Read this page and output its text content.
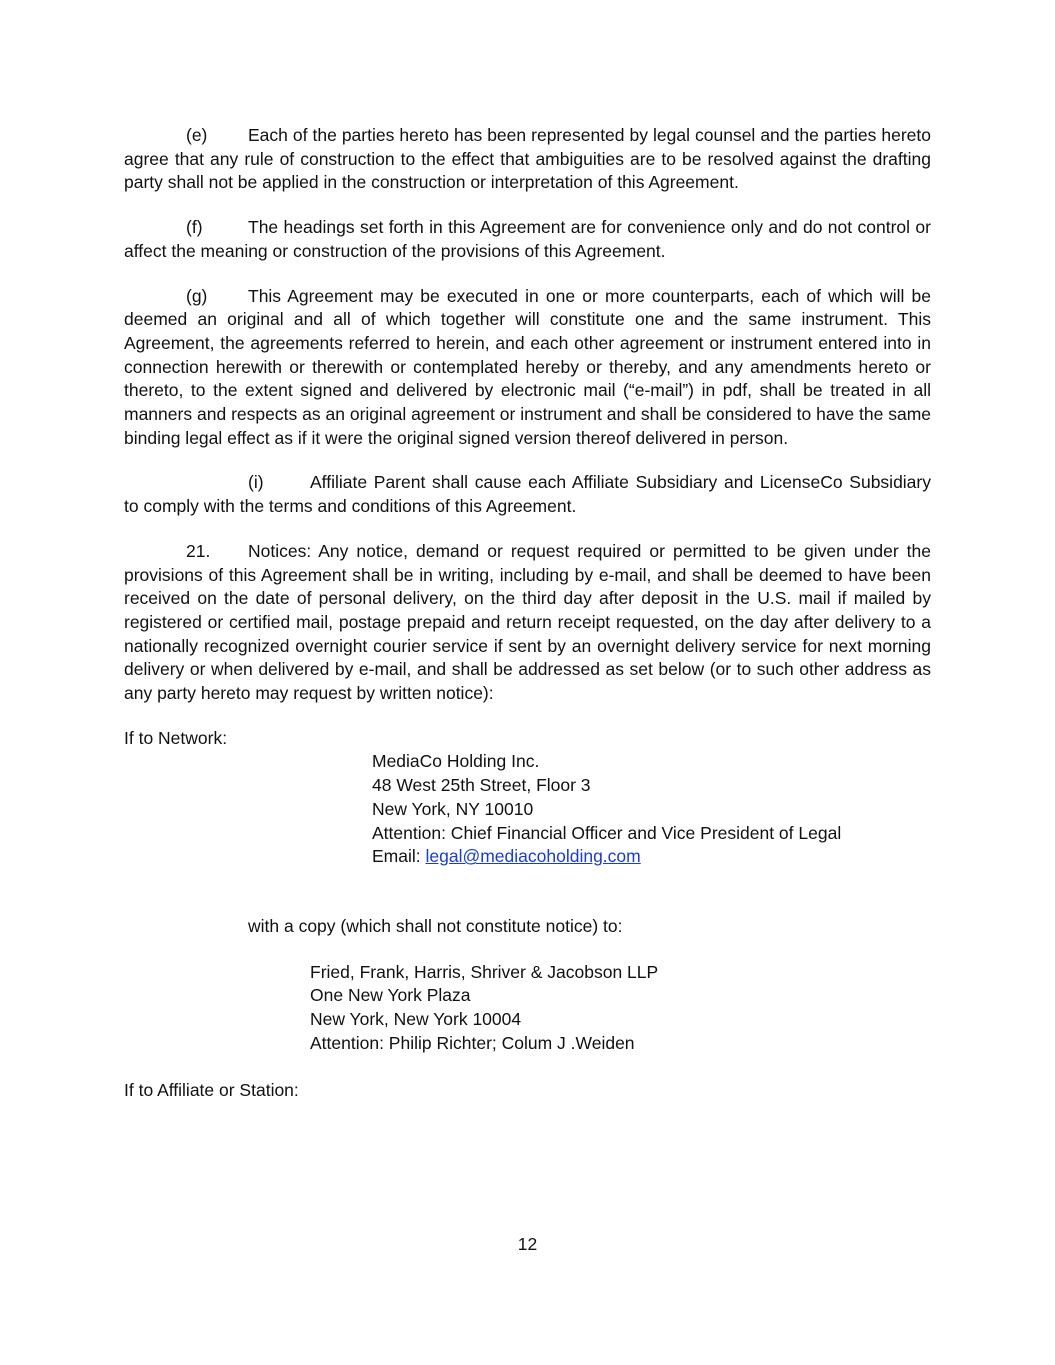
(e) Each of the parties hereto has been represented by legal counsel and the parties hereto agree that any rule of construction to the effect that ambiguities are to be resolved against the drafting party shall not be applied in the construction or interpretation of this Agreement.

(f)	The headings set forth in this Agreement are for convenience only and do not control or affect the meaning or construction of the provisions of this Agreement.

(g) This Agreement may be executed in one or more counterparts, each of which will be deemed an original and all of which together will constitute one and the same instrument. This Agreement, the agreements referred to herein, and each other agreement or instrument entered into in connection herewith or therewith or contemplated hereby or thereby, and any amendments hereto or thereto, to the extent signed and delivered by electronic mail (“e-mail”) in pdf, shall be treated in all manners and respects as an original agreement or instrument and shall be considered to have the same binding legal effect as if it were the original signed version thereof delivered in person.

(i)	Affiliate Parent shall cause each Affiliate Subsidiary and LicenseCo Subsidiary to comply with the terms and conditions of this Agreement.

21. Notices: Any notice, demand or request required or permitted to be given under the provisions of this Agreement shall be in writing, including by e-mail, and shall be deemed to have been received on the date of personal delivery, on the third day after deposit in the U.S. mail if mailed by registered or certified mail, postage prepaid and return receipt requested, on the day after delivery to a nationally recognized overnight courier service if sent by an overnight delivery service for next morning delivery or when delivered by e-mail, and shall be addressed as set below (or to such other address as any party hereto may request by written notice):

If to Network:
MediaCo Holding Inc.
48 West 25th Street, Floor 3
New York, NY 10010
Attention: Chief Financial Officer and Vice President of Legal
Email: legal@mediacoholding.com
with a copy (which shall not constitute notice) to:
Fried, Frank, Harris, Shriver & Jacobson LLP
One New York Plaza
New York, New York 10004
Attention: Philip Richter; Colum J .Weiden
If to Affiliate or Station:
12
